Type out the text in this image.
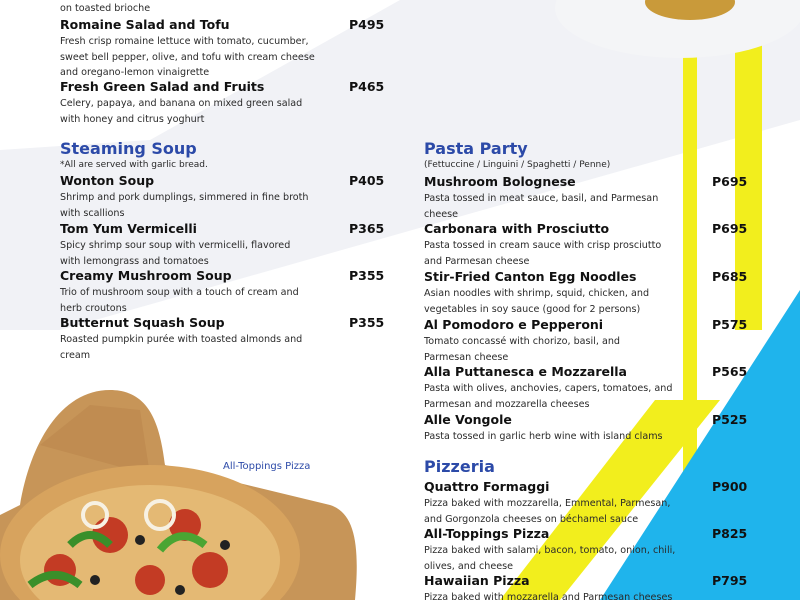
All-Toppings Pizza
on toasted brioche
Romaine Salad and Tofu	P495
Fresh crisp romaine lettuce with tomato, cucumber,
sweet bell pepper, olive, and tofu with cream cheese
and oregano-lemon vinaigrette
Fresh Green Salad and Fruits	P465
Celery, papaya, and banana on mixed green salad
with honey and citrus yoghurt
Steaming Soup
*All are served with garlic bread.
Wonton Soup	P405
Shrimp and pork dumplings, simmered in fine broth
with scallions
Tom Yum Vermicelli	P365
Spicy shrimp sour soup with vermicelli, flavored
with lemongrass and tomatoes
Creamy Mushroom Soup	P355
Trio of mushroom soup with a touch of cream and
herb croutons
Butternut Squash Soup	P355
Roasted pumpkin purée with toasted almonds and
cream
Pasta Party
(Fettuccine / Linguini / Spaghetti / Penne)
Mushroom Bolognese	P695
Pasta tossed in meat sauce, basil, and Parmesan
cheese
Carbonara with Prosciutto	P695
Pasta tossed in cream sauce with crisp prosciutto
and Parmesan cheese
Stir-Fried Canton Egg Noodles	P685
Asian noodles with shrimp, squid, chicken, and
vegetables in soy sauce (good for 2 persons)
Al Pomodoro e Pepperoni	P575
Tomato concassé with chorizo, basil, and
Parmesan cheese
Alla Puttanesca e Mozzarella	P565
Pasta with olives, anchovies, capers, tomatoes, and
Parmesan and mozzarella cheeses
Alle Vongole	P525
Pasta tossed in garlic herb wine with island clams
Pizzeria
Quattro Formaggi	P900
Pizza baked with mozzarella, Emmental, Parmesan,
and Gorgonzola cheeses on béchamel sauce
All-Toppings Pizza	P825
Pizza baked with salami, bacon, tomato, onion, chili,
olives, and cheese
Hawaiian Pizza	P795
Pizza baked with mozzarella and Parmesan cheeses
